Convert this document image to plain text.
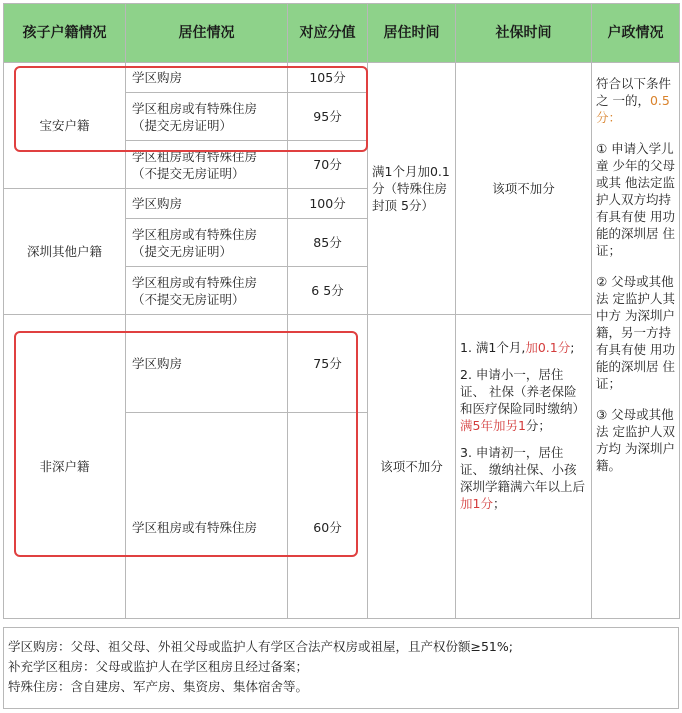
孩子户籍情况	居住情况	对应分值	居住时间	社保时间	户政情况
宝安户籍	学区购房	105分	满1个月加0.1分（特殊住房封顶 5分）	该项不加分	符合以下条件之 一的，0.5分：

① 申请入学儿童 少年的父母或其 他法定监护人双方均持有具有使 用功能的深圳居 住证；

② 父母或其他法 定监护人其中方 为深圳户籍，另一方持有具有使 用功能的深圳居 住证；

③ 父母或其他法 定监护人双方均 为深圳户籍。

	学区租房或有特殊住房
（提交无房证明）	95分			
	学区租房或有特殊住房
（不提交无房证明）	70分			
深圳其他户籍	学区购房	100分			
	学区租房或有特殊住房
（提交无房证明）	85分			
	学区租房或有特殊住房
（不提交无房证明）	6 5分			
非深户籍	学区购房	75分	该项不加分	1. 满1个月,加0.1分;

2. 申请小一，居住证、 社保（养老保险和医疗保险同时缴纳）满5年加另1分；

3. 申请初一，居住证、 缴纳社保、小孩深圳学籍满六年以上后加1分；	

	学区租房或有特殊住房	60分			
学区购房：父母、祖父母、外祖父母或监护人有学区合法产权房或祖屋，且产权份额≥51%;
补充学区租房：父母或监护人在学区租房且经过备案；
特殊住房：含自建房、军产房、集资房、集体宿舍等。
